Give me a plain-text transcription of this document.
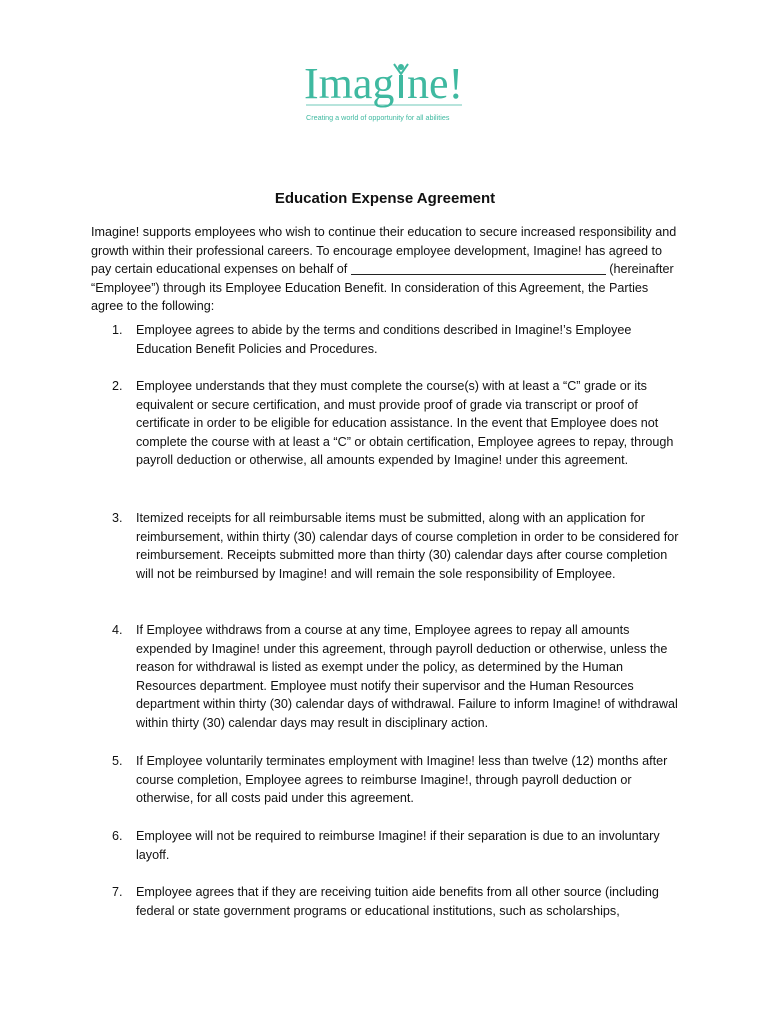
Imag ne!
Creating a world of opportunity for all abilities
Education Expense Agreement

Imagine! supports employees who wish to continue their education to secure increased responsibility and growth within their professional careers. To encourage employee development, Imagine! has agreed to pay certain educational expenses on behalf of	(hereinafter “Employee”) through its Employee Education Benefit. In consideration of this Agreement, the Parties agree to the following:

1. Employee agrees to abide by the terms and conditions described in Imagine!’s Employee Education Benefit Policies and Procedures.
2. Employee understands that they must complete the course(s) with at least a “C” grade or its equivalent or secure certification, and must provide proof of grade via transcript or proof of certificate in order to be eligible for education assistance. In the event that Employee does not complete the course with at least a “C” or obtain certification, Employee agrees to repay, through payroll deduction or otherwise, all amounts expended by Imagine! under this agreement.
3. Itemized receipts for all reimbursable items must be submitted, along with an application for reimbursement, within thirty (30) calendar days of course completion in order to be considered for reimbursement. Receipts submitted more than thirty (30) calendar days after course completion will not be reimbursed by Imagine! and will remain the sole responsibility of Employee.
4. If Employee withdraws from a course at any time, Employee agrees to repay all amounts expended by Imagine! under this agreement, through payroll deduction or otherwise, unless the reason for withdrawal is listed as exempt under the policy, as determined by the Human Resources department. Employee must notify their supervisor and the Human Resources department within thirty (30) calendar days of withdrawal. Failure to inform Imagine! of withdrawal within thirty (30) calendar days may result in disciplinary action.
5. If Employee voluntarily terminates employment with Imagine! less than twelve (12) months after course completion, Employee agrees to reimburse Imagine!, through payroll deduction or otherwise, for all costs paid under this agreement.
6. Employee will not be required to reimburse Imagine! if their separation is due to an involuntary layoff.
7. Employee agrees that if they are receiving tuition aide benefits from all other source (including federal or state government programs or educational institutions, such as scholarships,
